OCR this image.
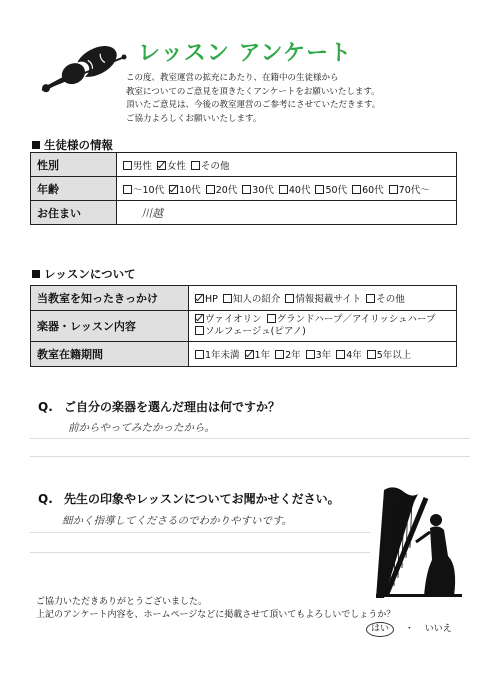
レッスン アンケート
この度、教室運営の拡充にあたり、在籍中の生徒様から
教室についてのご意見を頂きたくアンケートをお願いいたします。
頂いたご意見は、今後の教室運営のご参考にさせていただきます。
ご協力よろしくお願いいたします。
生徒様の情報
性別	男性 女性 その他
年齢	～10代 10代 20代 30代 40代 50代 60代 70代～
お住まい	川越
レッスンについて
当教室を知ったきっかけ	HP 知人の紹介 情報掲載サイト その他
楽器・レッスン内容	ヴァイオリン グランドハープ／アイリッシュハープソルフェージュ(ピアノ)
教室在籍期間	1年未満 1年 2年 3年 4年 5年以上
Q. ご自分の楽器を選んだ理由は何ですか？
前からやってみたかったから。
Q. 先生の印象やレッスンについてお聞かせください。
細かく指導してくださるのでわかりやすいです。
ご協力いただきありがとうございました。
上記のアンケート内容を、ホームページなどに掲載させて頂いてもよろしいでしょうか？
はい ・ いいえ
